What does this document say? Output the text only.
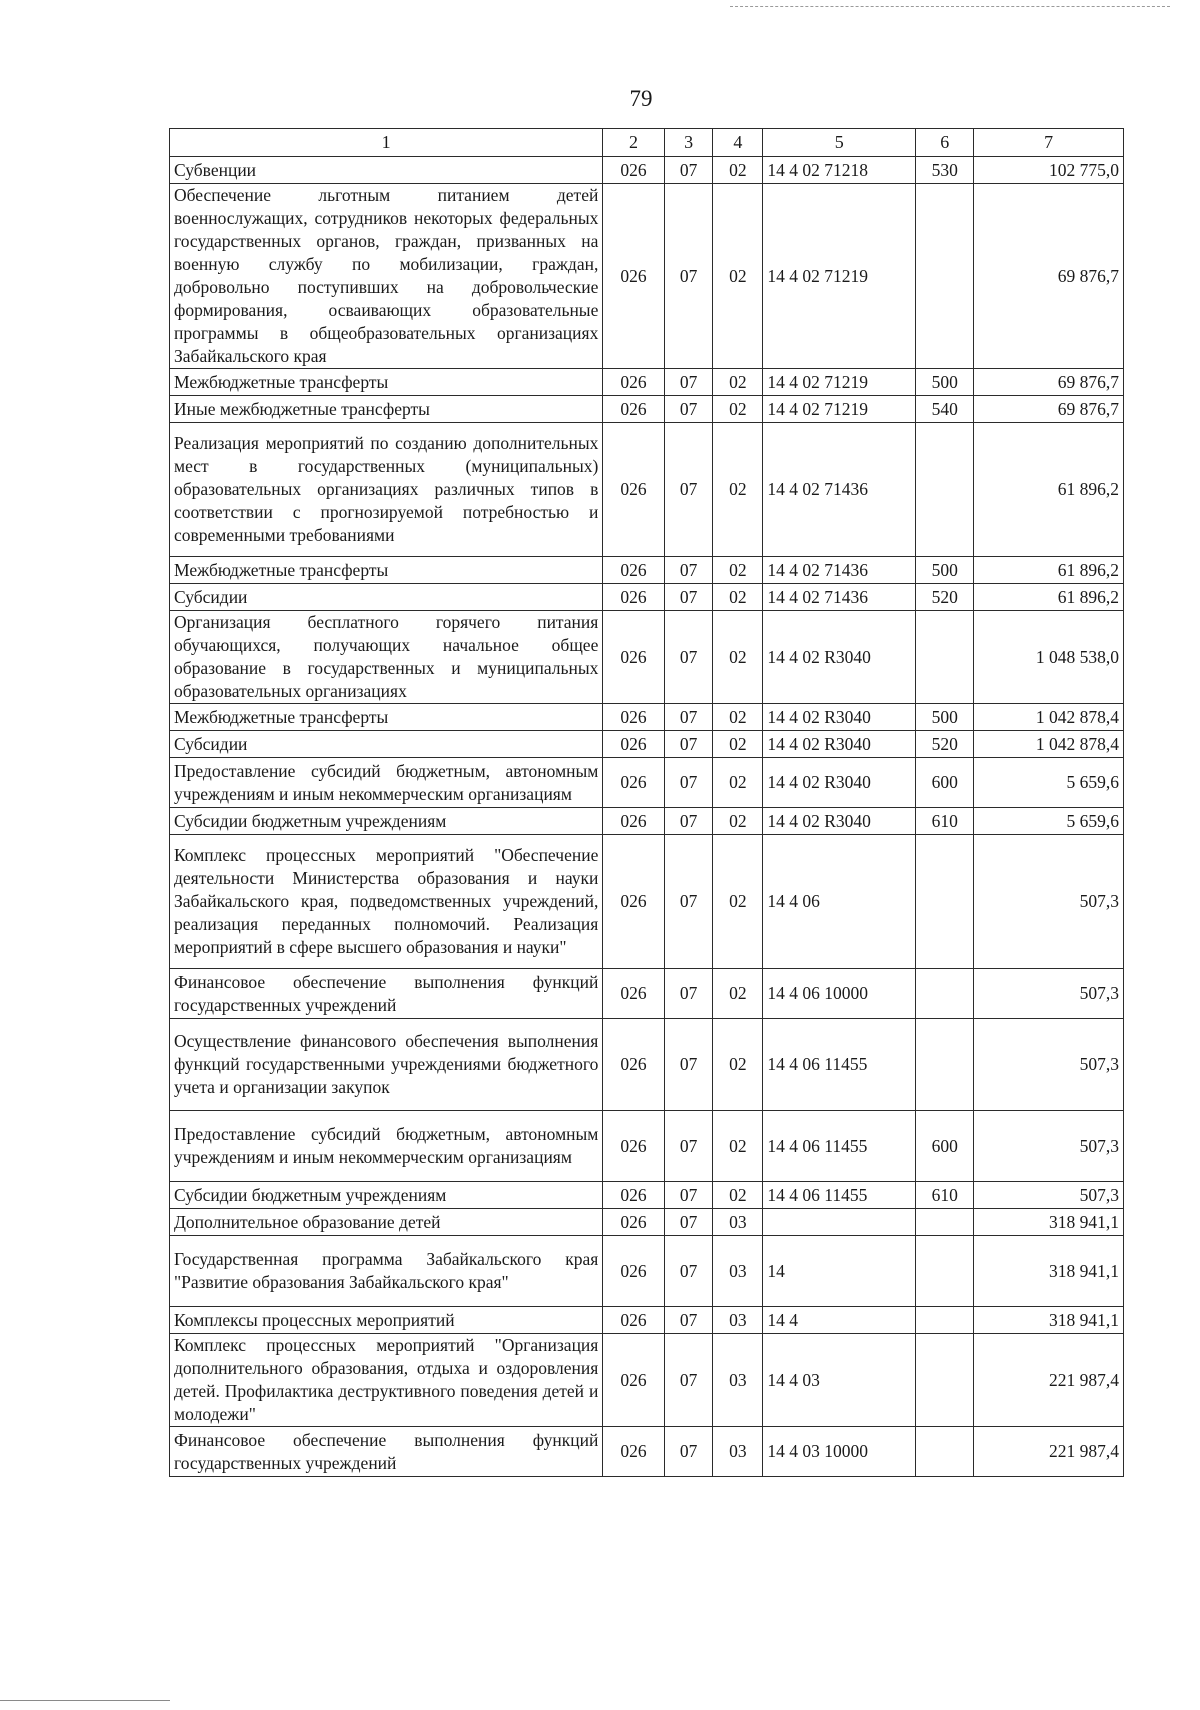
79
1	2	3	4	5	6	7
Субвенции	026	07	02	14 4 02 71218	530	102 775,0
Обеспечение льготным питанием детей военнослужащих, сотрудников некоторых федеральных государственных органов, граждан, призванных на военную службу по мобилизации, граждан, добровольно поступивших на добровольческие формирования, осваивающих образовательные программы в общеобразовательных организациях Забайкальского края	026	07	02	14 4 02 71219		69 876,7
Межбюджетные трансферты	026	07	02	14 4 02 71219	500	69 876,7
Иные межбюджетные трансферты	026	07	02	14 4 02 71219	540	69 876,7
Реализация мероприятий по созданию дополнительных мест в государственных (муниципальных) образовательных организациях различных типов в соответствии с прогнозируемой потребностью и современными требованиями	026	07	02	14 4 02 71436		61 896,2
Межбюджетные трансферты	026	07	02	14 4 02 71436	500	61 896,2
Субсидии	026	07	02	14 4 02 71436	520	61 896,2
Организация бесплатного горячего питания обучающихся, получающих начальное общее образование в государственных и муниципальных образовательных организациях	026	07	02	14 4 02 R3040		1 048 538,0
Межбюджетные трансферты	026	07	02	14 4 02 R3040	500	1 042 878,4
Субсидии	026	07	02	14 4 02 R3040	520	1 042 878,4
Предоставление субсидий бюджетным, автономным учреждениям и иным некоммерческим организациям	026	07	02	14 4 02 R3040	600	5 659,6
Субсидии бюджетным учреждениям	026	07	02	14 4 02 R3040	610	5 659,6
Комплекс процессных мероприятий "Обеспечение деятельности Министерства образования и науки Забайкальского края, подведомственных учреждений, реализация переданных полномочий. Реализация мероприятий в сфере высшего образования и науки"	026	07	02	14 4 06		507,3
Финансовое обеспечение выполнения функций государственных учреждений	026	07	02	14 4 06 10000		507,3
Осуществление финансового обеспечения выполнения функций государственными учреждениями бюджетного учета и организации закупок	026	07	02	14 4 06 11455		507,3
Предоставление субсидий бюджетным, автономным учреждениям и иным некоммерческим организациям	026	07	02	14 4 06 11455	600	507,3
Субсидии бюджетным учреждениям	026	07	02	14 4 06 11455	610	507,3
Дополнительное образование детей	026	07	03			318 941,1
Государственная программа Забайкальского края "Развитие образования Забайкальского края"	026	07	03	14		318 941,1
Комплексы процессных мероприятий	026	07	03	14 4		318 941,1
Комплекс процессных мероприятий "Организация дополнительного образования, отдыха и оздоровления детей. Профилактика деструктивного поведения детей и молодежи"	026	07	03	14 4 03		221 987,4
Финансовое обеспечение выполнения функций государственных учреждений	026	07	03	14 4 03 10000		221 987,4
